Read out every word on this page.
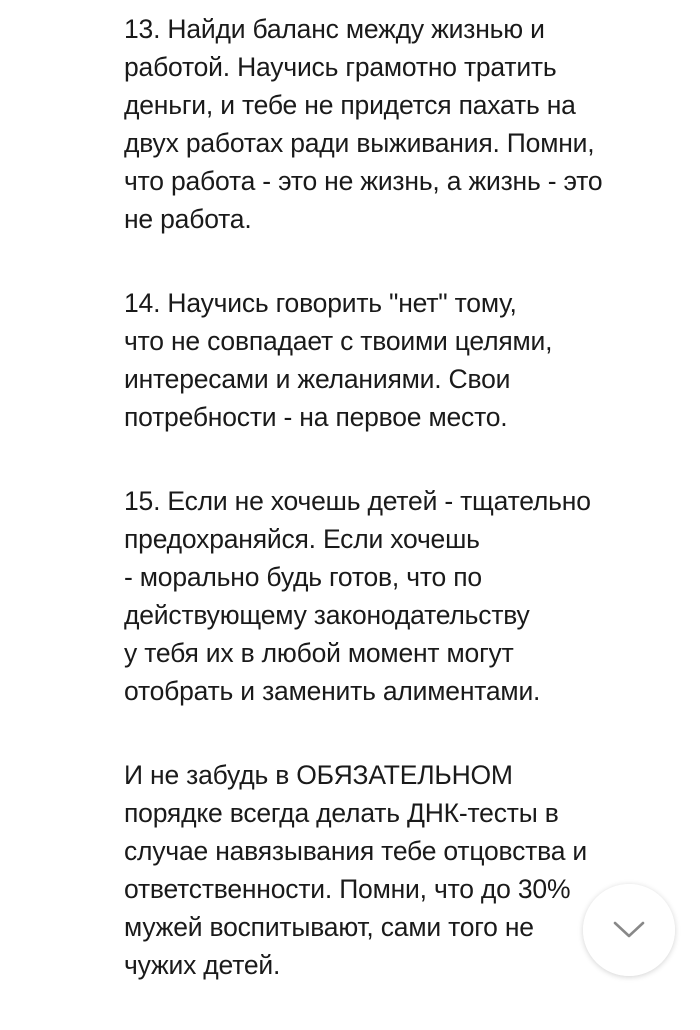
13. Найди баланс между жизнью и
работой. Научись грамотно тратить
деньги, и тебе не придется пахать на
двух работах ради выживания. Помни,
что работа - это не жизнь, а жизнь - это
не работа.
14. Научись говорить "нет" тому,
что не совпадает с твоими целями,
интересами и желаниями. Свои
потребности - на первое место.
15. Если не хочешь детей - тщательно
предохраняйся. Если хочешь
- морально будь готов, что по
действующему законодательству
у тебя их в любой момент могут
отобрать и заменить алиментами.
И не забудь в ОБЯЗАТЕЛЬНОМ
порядке всегда делать ДНК-тесты в
случае навязывания тебе отцовства и
ответственности. Помни, что до 30%
мужей воспитывают, сами того не
чужих детей.
